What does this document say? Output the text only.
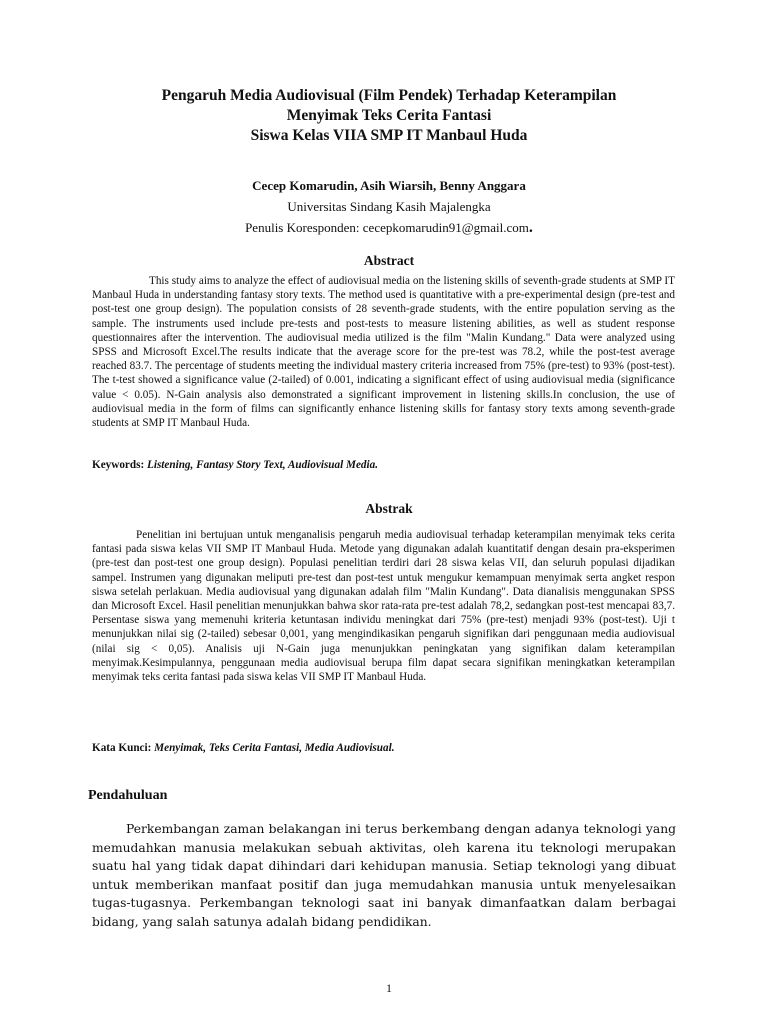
Pengaruh Media Audiovisual (Film Pendek) Terhadap Keterampilan
Menyimak Teks Cerita Fantasi
Siswa Kelas VIIA SMP IT Manbaul Huda
Cecep Komarudin, Asih Wiarsih, Benny Anggara
Universitas Sindang Kasih Majalengka
Penulis Koresponden: cecepkomarudin91@gmail.com.
Abstract

This study aims to analyze the effect of audiovisual media on the listening skills of seventh-grade students at SMP IT Manbaul Huda in understanding fantasy story texts. The method used is quantitative with a pre-experimental design (pre-test and post-test one group design). The population consists of 28 seventh-grade students, with the entire population serving as the sample. The instruments used include pre-tests and post-tests to measure listening abilities, as well as student response questionnaires after the intervention. The audiovisual media utilized is the film "Malin Kundang." Data were analyzed using SPSS and Microsoft Excel.The results indicate that the average score for the pre-test was 78.2, while the post-test average reached 83.7. The percentage of students meeting the individual mastery criteria increased from 75% (pre-test) to 93% (post-test). The t-test showed a significance value (2-tailed) of 0.001, indicating a significant effect of using audiovisual media (significance value < 0.05). N-Gain analysis also demonstrated a significant improvement in listening skills.In conclusion, the use of audiovisual media in the form of films can significantly enhance listening skills for fantasy story texts among seventh-grade students at SMP IT Manbaul Huda.

Keywords: Listening, Fantasy Story Text, Audiovisual Media.
Abstrak

Penelitian ini bertujuan untuk menganalisis pengaruh media audiovisual terhadap keterampilan menyimak teks cerita fantasi pada siswa kelas VII SMP IT Manbaul Huda. Metode yang digunakan adalah kuantitatif dengan desain pra-eksperimen (pre-test dan post-test one group design). Populasi penelitian terdiri dari 28 siswa kelas VII, dan seluruh populasi dijadikan sampel. Instrumen yang digunakan meliputi pre-test dan post-test untuk mengukur kemampuan menyimak serta angket respon siswa setelah perlakuan. Media audiovisual yang digunakan adalah film "Malin Kundang". Data dianalisis menggunakan SPSS dan Microsoft Excel. Hasil penelitian menunjukkan bahwa skor rata-rata pre-test adalah 78,2, sedangkan post-test mencapai 83,7. Persentase siswa yang memenuhi kriteria ketuntasan individu meningkat dari 75% (pre-test) menjadi 93% (post-test). Uji t menunjukkan nilai sig (2-tailed) sebesar 0,001, yang mengindikasikan pengaruh signifikan dari penggunaan media audiovisual (nilai sig < 0,05). Analisis uji N-Gain juga menunjukkan peningkatan yang signifikan dalam keterampilan menyimak.Kesimpulannya, penggunaan media audiovisual berupa film dapat secara signifikan meningkatkan keterampilan menyimak teks cerita fantasi pada siswa kelas VII SMP IT Manbaul Huda.

Kata Kunci: Menyimak, Teks Cerita Fantasi, Media Audiovisual.
Pendahuluan

Perkembangan zaman belakangan ini terus berkembang dengan adanya teknologi yang memudahkan manusia melakukan sebuah aktivitas, oleh karena itu teknologi merupakan suatu hal yang tidak dapat dihindari dari kehidupan manusia. Setiap teknologi yang dibuat untuk memberikan manfaat positif dan juga memudahkan manusia untuk menyelesaikan tugas-tugasnya. Perkembangan teknologi saat ini banyak dimanfaatkan dalam berbagai bidang, yang salah satunya adalah bidang pendidikan.

1
